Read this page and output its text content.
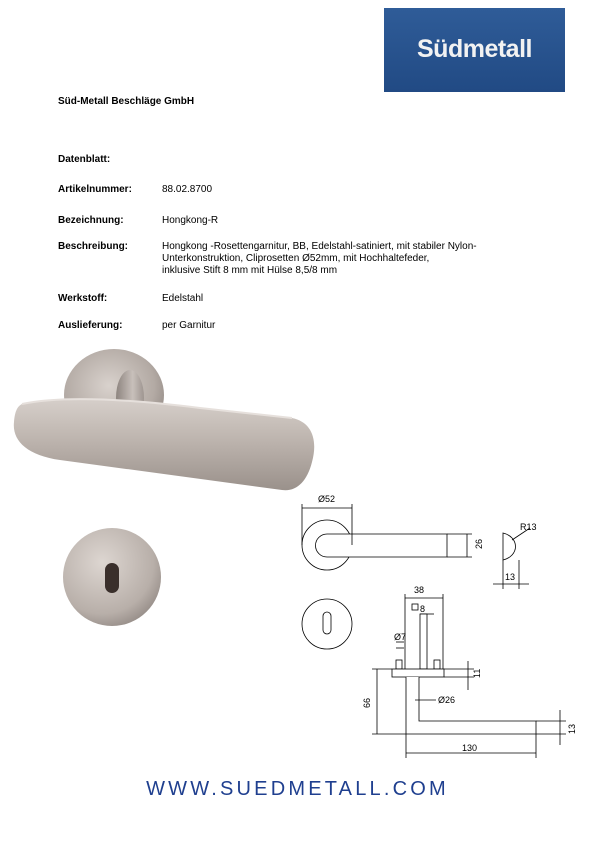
Südmetall
Süd-Metall Beschläge GmbH
Datenblatt:
Artikelnummer:	88.02.8700
Bezeichnung:	Hongkong-R
Beschreibung:	Hongkong -Rosettengarnitur, BB, Edelstahl-satiniert, mit stabiler Nylon-
Unterkonstruktion, Cliprosetten Ø52mm, mit Hochhaltefeder,
inklusive Stift 8 mm mit Hülse 8,5/8 mm
Werkstoff:	Edelstahl
Auslieferung:	per Garnitur
Ø52
26
R13
13
38
8
Ø7
11
66	Ø26
130
13
WWW.SUEDMETALL.COM
